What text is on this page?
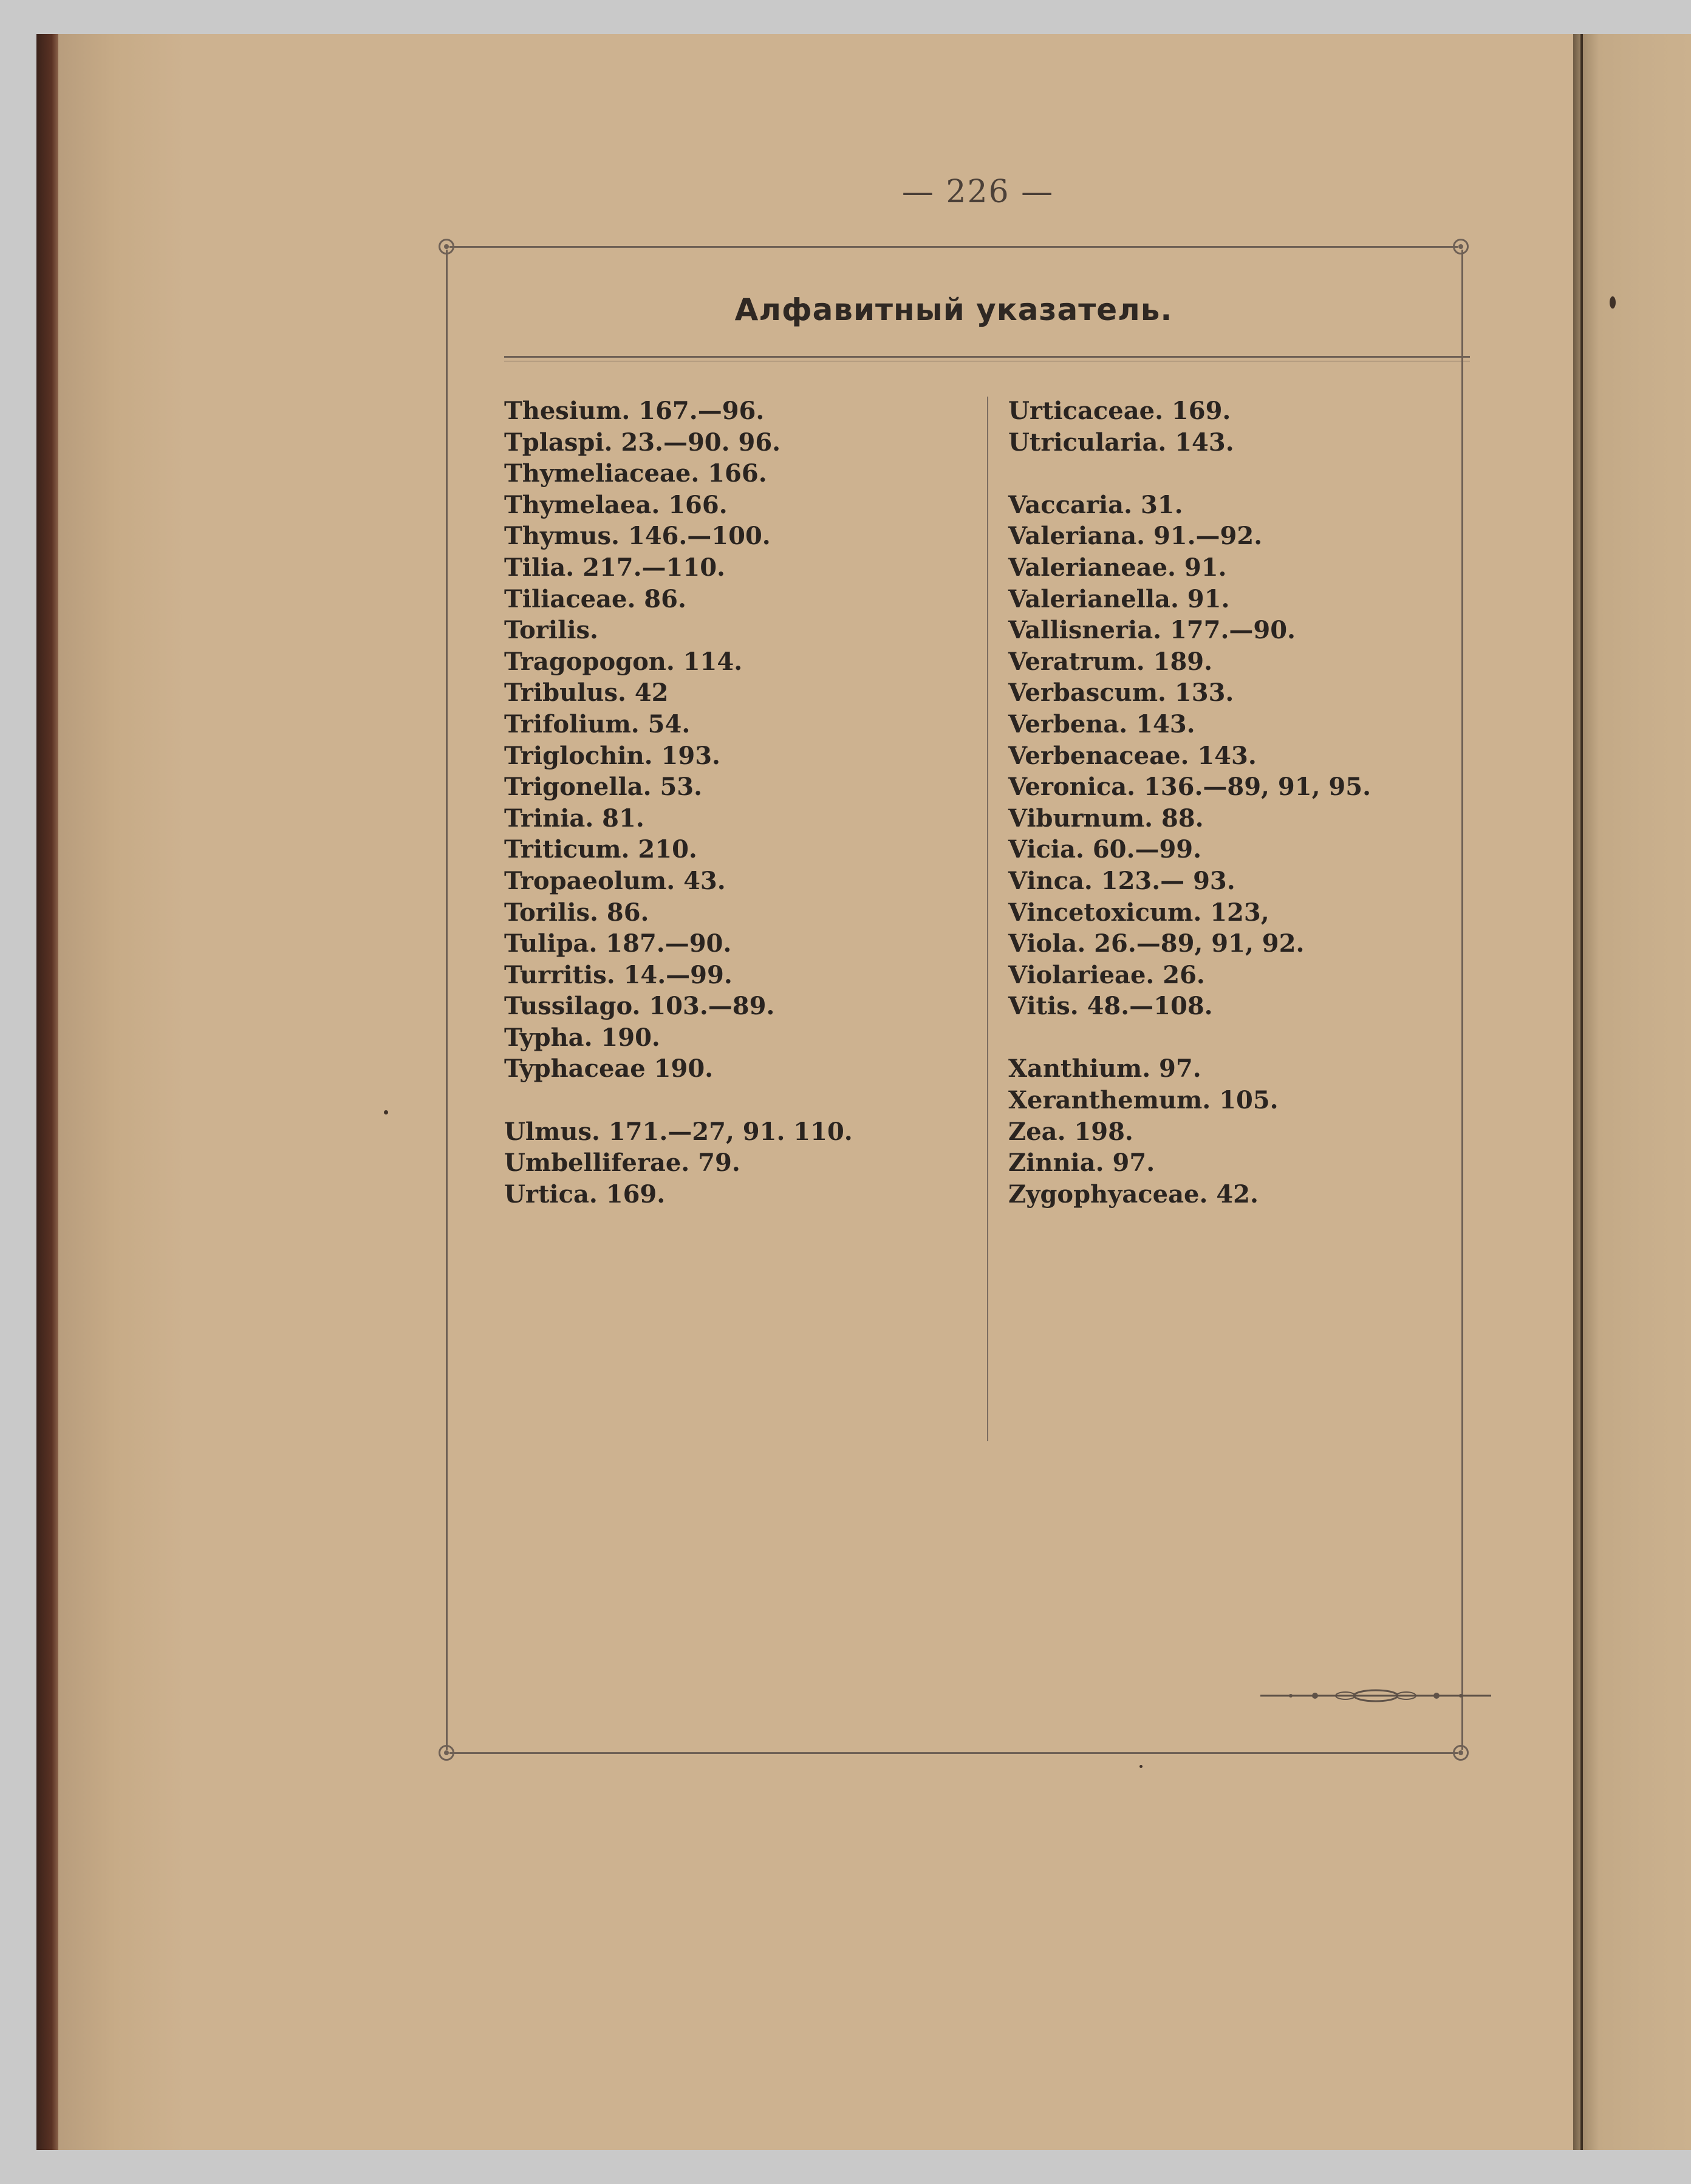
— 226 —
Алфавитный указатель.
Thesium. 167.—96.
Tplaspi. 23.—90. 96.
Thymeliaceae. 166.
Thymelaea. 166.
Thymus. 146.—100.
Tilia. 217.—110.
Tiliaceae. 86.
Torilis.
Tragopogon. 114.
Tribulus. 42
Trifolium. 54.
Triglochin. 193.
Trigonella. 53.
Trinia. 81.
Triticum. 210.
Tropaeolum. 43.
Torilis. 86.
Tulipa. 187.—90.
Turritis. 14.—99.
Tussilago. 103.—89.
Typha. 190.
Typhaceae 190.
Ulmus. 171.—27, 91. 110.
Umbelliferae. 79.
Urtica. 169.
Urticaceae. 169.
Utricularia. 143.
Vaccaria. 31.
Valeriana. 91.—92.
Valerianeae. 91.
Valerianella. 91.
Vallisneria. 177.—90.
Veratrum. 189.
Verbascum. 133.
Verbena. 143.
Verbenaceae. 143.
Veronica. 136.—89, 91, 95.
Viburnum. 88.
Vicia. 60.—99.
Vinca. 123.— 93.
Vincetoxicum. 123,
Viola. 26.—89, 91, 92.
Violarieae. 26.
Vitis. 48.—108.
Xanthium. 97.
Xeranthemum. 105.
Zea. 198.
Zinnia. 97.
Zygophyaceae. 42.
